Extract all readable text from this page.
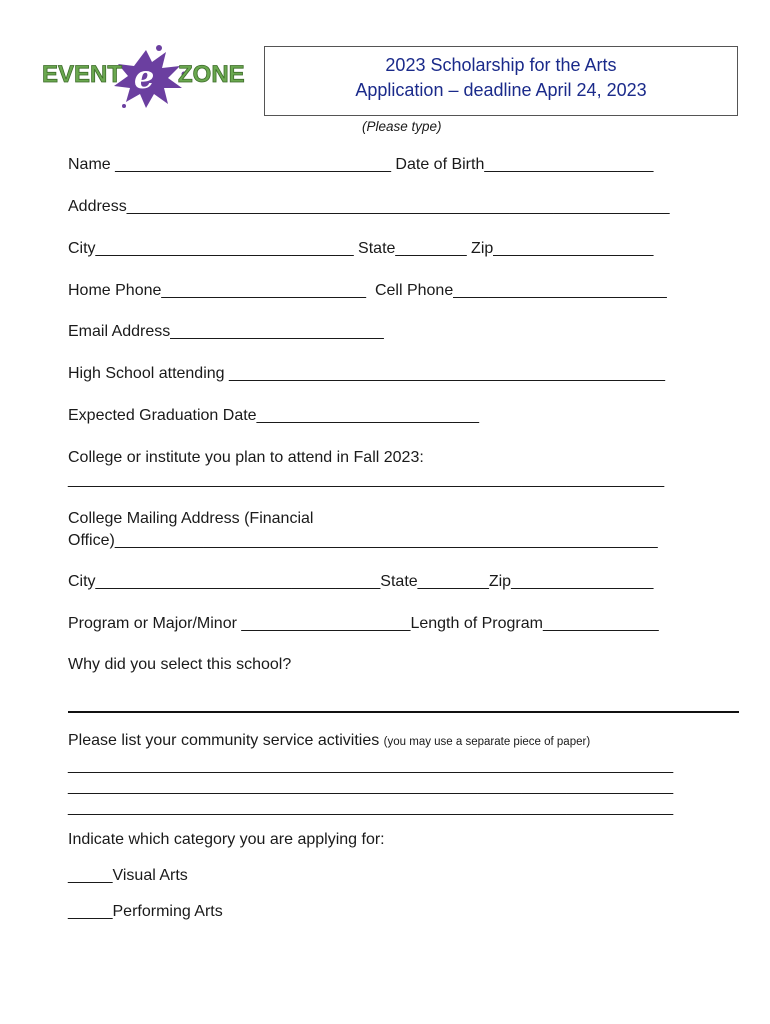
EVENT e ZONE	2023 Scholarship for the Arts
Application – deadline April 24, 2023
(Please type)
Name _______________________________ Date of Birth___________________
Address_____________________________________________________________
City_____________________________ State________ Zip__________________
Home Phone_______________________  Cell Phone________________________
Email Address________________________
High School attending _________________________________________________
Expected Graduation Date_________________________
College or institute you plan to attend in Fall 2023:
___________________________________________________________________
College Mailing Address (Financial
Office)_____________________________________________________________
City________________________________State________Zip________________
Program or Major/Minor ___________________Length of Program_____________
Why did you select this school?
Please list your community service activities (you may use a separate piece of paper)
____________________________________________________________________
____________________________________________________________________
____________________________________________________________________
Indicate which category you are applying for:
_____Visual Arts
_____Performing Arts
